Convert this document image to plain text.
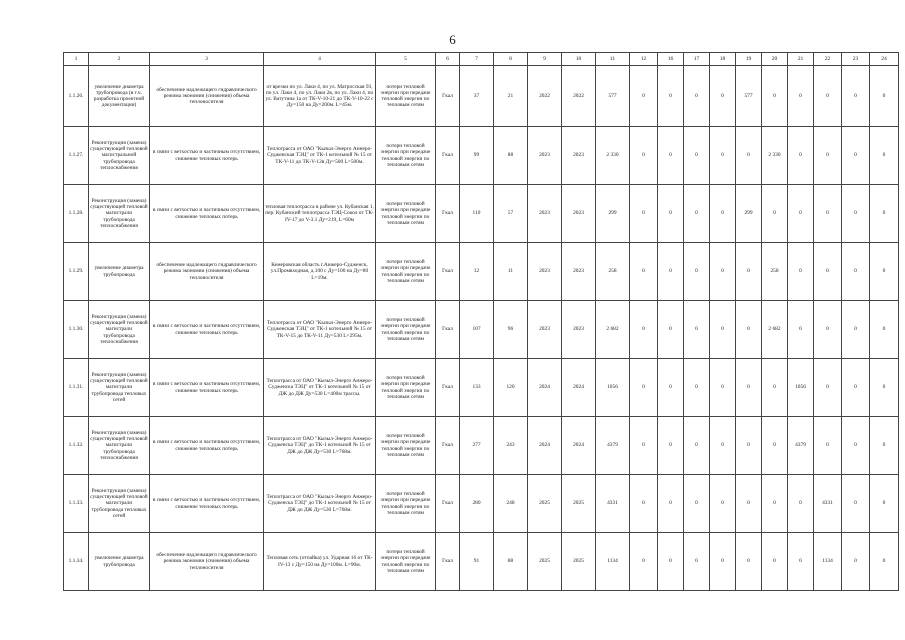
6
1	2	3	4	5	6	7	8	9	10	11	12	16	17	18	19	20	21	22	23	24
1.1.26.	увеличение диаметра трубопровода (в т.ч. разработка проектной документации)	обеспечение надлежащего гидравлического режима экономии (снижения) объема теплоносителя	от врезки по ул. Лаки 4, по ул. Матросская 93, по ул. Лаки 4, по ул. Лаки 2в, по ул. Лаки 4, по ул. Ватутина 1а от ТК-V-10-21 до ТК-V-10-22 с Ду=150 на Ду=200м. L=45м.	потери тепловой энергии при передаче тепловой энергии по тепловым сетям	Гкал	37	21	2022	2022	577	0	0	0	0	577	0	0	0	0	0
1.1.27.	Реконструкция (замена) существующей тепловой магистральной трубопровода теплоснабжения	в связи с ветхостью и частичным отсутствием, снижение тепловых потерь	Теплотрасса от ОАО "Кызыл-Энерго Аннеро-Судженская ТЭЦ" от ТК-1 котельной № 15 от ТК-V-11 до ТК-V-12в Ду=500 L=500м.	потери тепловой энергии при передаче тепловой энергии по тепловым сетям	Гкал	99	88	2023	2023	2 330	0	0	0	0	0	2 330	0	0	0	0
1.1.28.	Реконструкция (замена) существующей тепловой магистрали трубопровода теплоснабжения	в связи с ветхостью и частичным отсутствием, снижение тепловых потерь	тепловая теплотрасса в районе ул. Кубанская 1, пер. Кубанский теплотрасса ТЭЦ-Сокол от ТК-IV-17 до V-3.1 Ду=219, L=60м	потери тепловой энергии при передаче тепловой энергии по тепловым сетям	Гкал	110	57	2023	2023	299	0	0	0	0	299	0	0	0	0	0
1.1.29.	увеличение диаметра трубопровода	обеспечение надлежащего гидравлического режима экономии (снижения) объема теплоносителя	Кемеровская область г.Анжеро-Судженск, ул.Промвходная, д.100 с Ду=100 на Ду=80 L=19м.	потери тепловой энергии при передаче тепловой энергии по тепловым сетям	Гкал	12	11	2023	2023	258	0	0	0	0	0	258	0	0	0	0
1.1.30.	Реконструкция (замена) существующей тепловой магистрали трубопровода теплоснабжения	в связи с ветхостью и частичным отсутствием, снижение тепловых потерь	Теплотрасса от ОАО "Кызыл-Энерго Аннеро-Судженская ТЭЦ" от ТК-1 котельной № 15 от ТК-V-15 до ТК-V-11 Ду=530 L=295м.	потери тепловой энергии при передаче тепловой энергии по тепловым сетям	Гкал	107	96	2023	2023	2 682	0	0	0	0	0	2 682	0	0	0	0
1.1.31.	Реконструкция (замена) существующей тепловой магистрали трубопровода тепловых сетей	в связи с ветхостью и частичным отсутствием, снижение тепловых потерь	Теплотрасса от ОАО "Кызыл-Энерго Анжеро-Судженска ТЭЦ" от ТК-1 котельной № 15 от ДЖ до ДЖ Ду=530 L=400м трассы.	потери тепловой энергии при передаче тепловой энергии по тепловым сетям	Гкал	133	120	2024	2024	1056	0	0	0	0	0	0	1056	0	0	0
1.1.32.	Реконструкция (замена) существующей тепловой магистрали трубопровода теплоснабжения	в связи с ветхостью и частичным отсутствием, снижение тепловых потерь	Теплотрасса от ОАО "Кызыл-Энерго Анжеро-Судженска ТЭЦ" до ТК-1 котельной № 15 от ДЖ до ДЖ Ду=530 L=768м.	потери тепловой энергии при передаче тепловой энергии по тепловым сетям	Гкал	277	243	2024	2024	4379	0	0	0	0	0	0	4379	0	0	0
1.1.33.	Реконструкция (замена) существующей тепловой магистрали трубопровода тепловых сетей	в связи с ветхостью и частичным отсутствием, снижение тепловых потерь	Теплотрасса от ОАО "Кызыл-Энерго Анжеро-Судженска ТЭЦ" до ТК-1 котельной № 15 от ДЖ до ДЖ Ду=530 L=768м.	потери тепловой энергии при передаче тепловой энергии по тепловым сетям	Гкал	280	248	2025	2025	4331	0	0	0	0	0	0	0	4331	0	0
1.1.34.	увеличение диаметра трубопровода	обеспечение надлежащего гидравлического режима экономии (снижения) объема теплоносителя	Тепловая сеть (отпайка) ул. Ударная 16 от ТК-IV-13 с Ду=150 на Ду=100м. L=90м.	потери тепловой энергии при передаче тепловой энергии по тепловым сетям	Гкал	91	88	2025	2025	1134	0	0	0	0	0	0	0	1134	0	0
